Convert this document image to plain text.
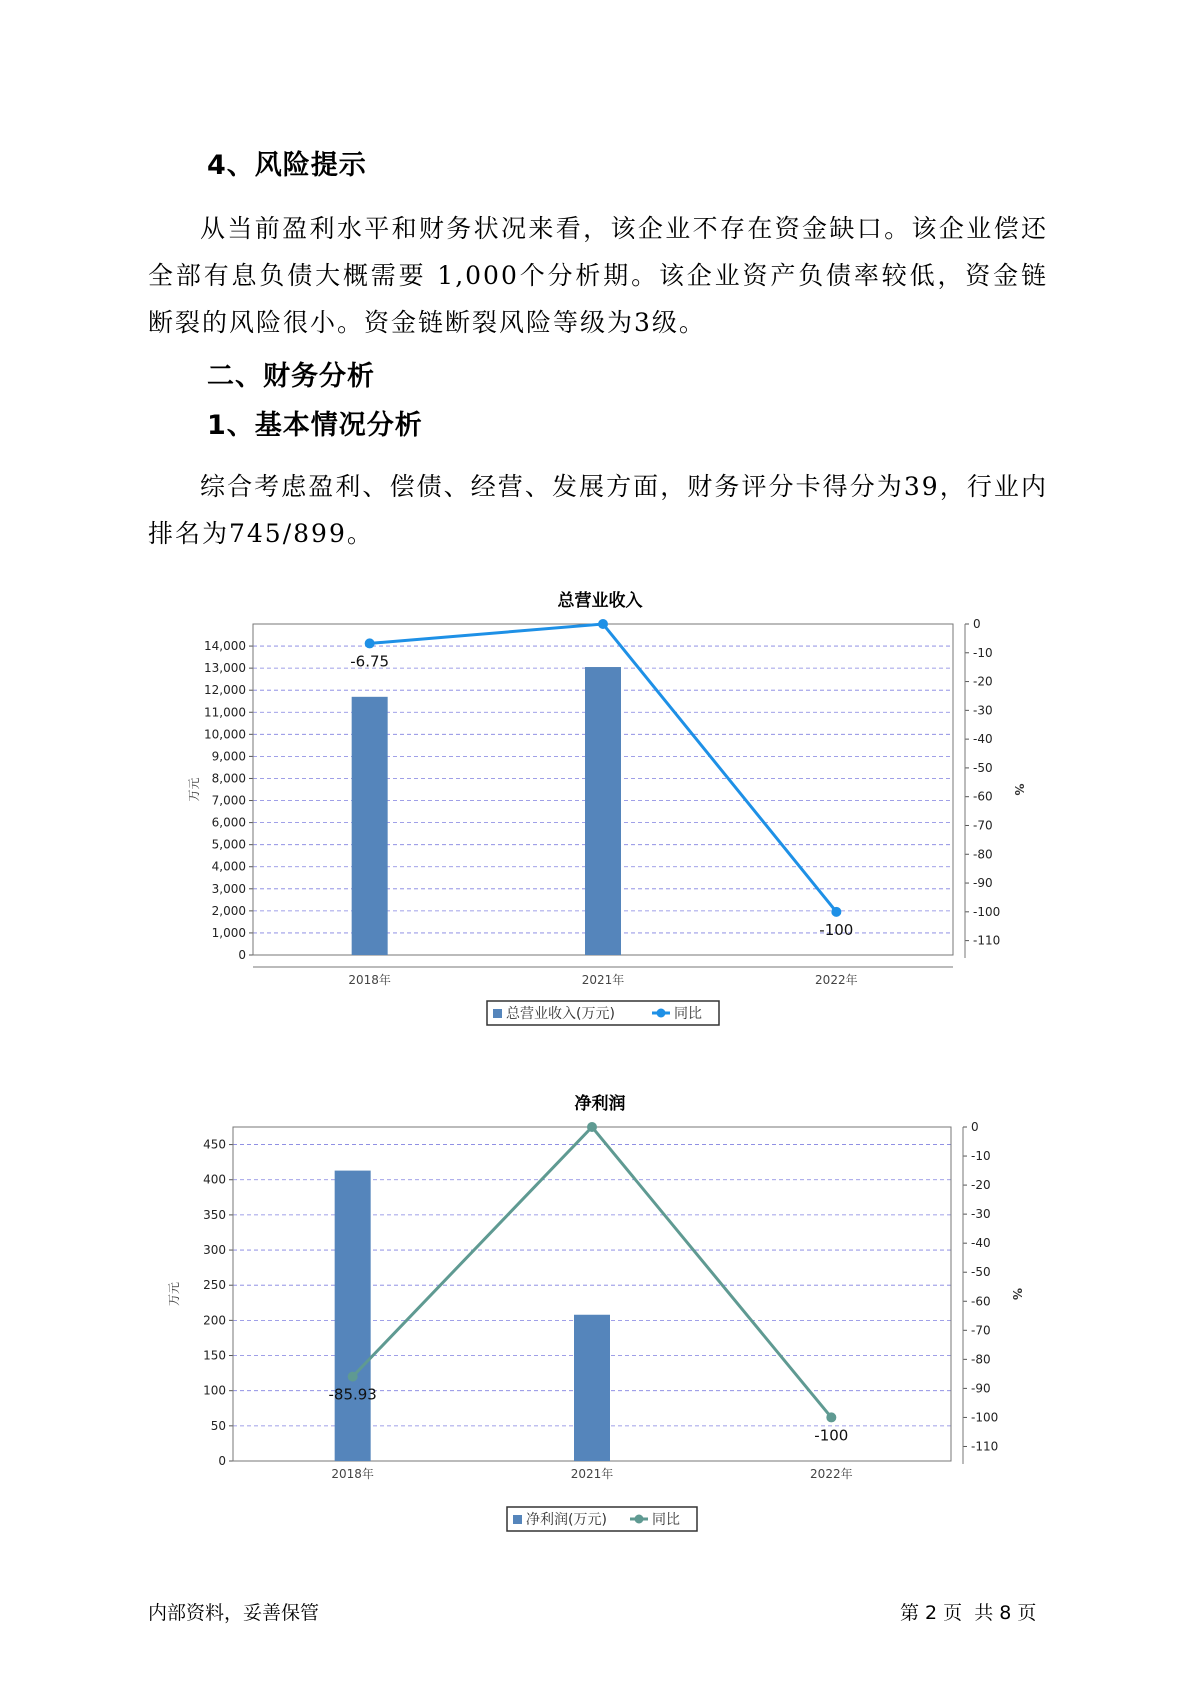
4、风险提示

从当前盈利水平和财务状况来看，该企业不存在资金缺口。该企业偿还全部有息负债大概需要 1,000个分析期。该企业资产负债率较低，资金链断裂的风险很小。资金链断裂风险等级为3级。

二、财务分析
1、基本情况分析

综合考虑盈利、偿债、经营、发展方面，财务评分卡得分为39，行业内排名为745/899。

总营业收入
0
1,000
2,000
3,000
4,000
5,000
6,000
7,000
8,000
9,000
10,000
11,000
12,000
13,000
14,000
0
-10
-20
-30
-40
-50
-60
-70
-80
-90
-100
-110
万元	%
2018年	2021年	2022年
-6.75
-100
总营业收入(万元)	同比
净利润
0
50
100
150
200
250
300
350
400
450
0
-10
-20
-30
-40
-50
-60
-70
-80
-90
-100
-110
万元	%
2018年	2021年	2022年
-85.93
-100
净利润(万元)	同比
内部资料，妥善保管	第 2 页  共 8 页
